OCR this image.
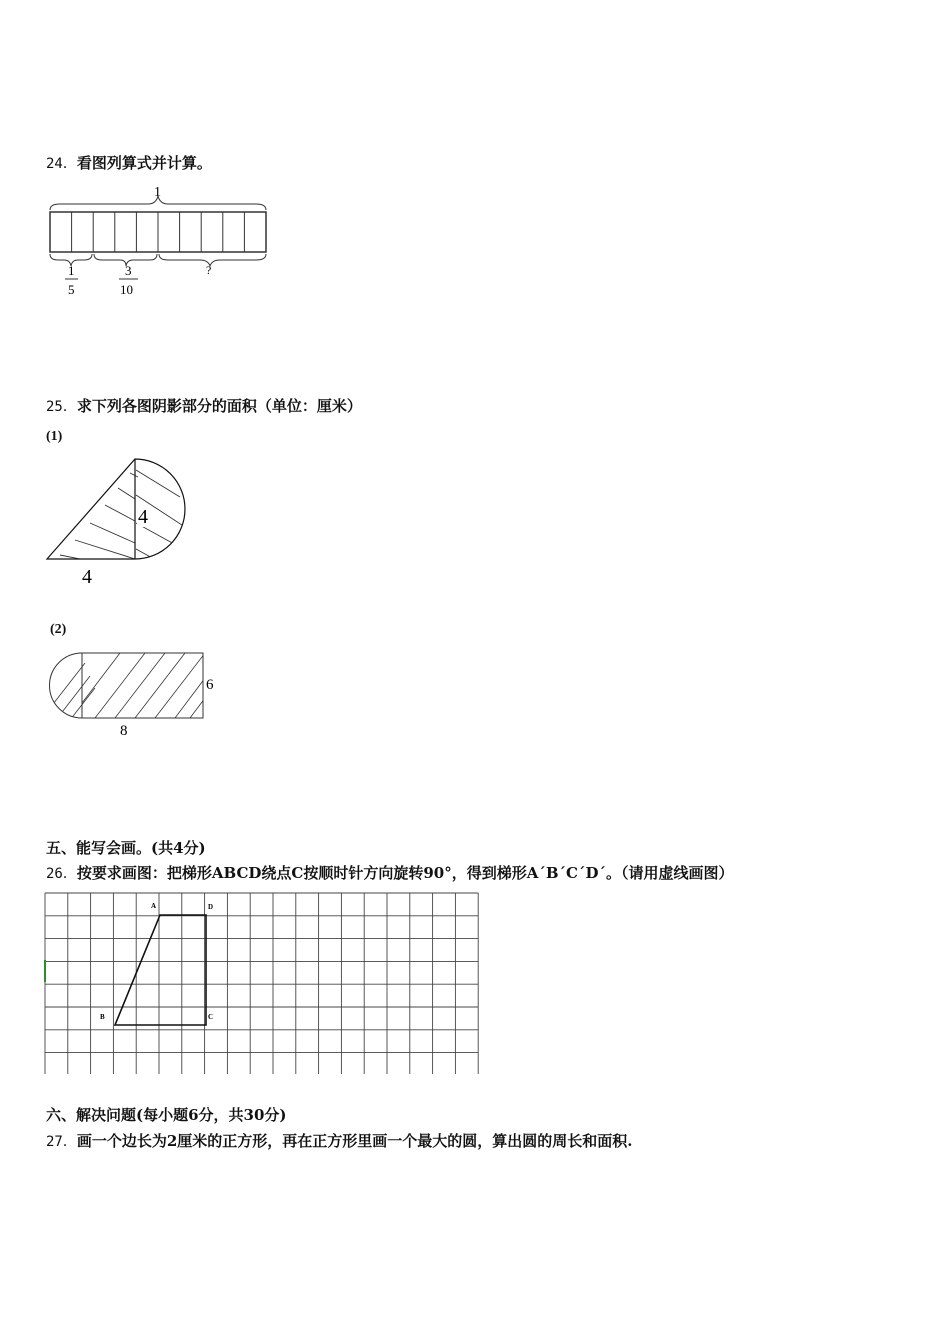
24．看图列算式并计算。
1
1
5
3
10
?
25．求下列各图阴影部分的面积（单位：厘米）
(1)
4
4
(2)
6
8
五、能写会画。(共4分)
26．按要求画图：把梯形ABCD绕点C按顺时针方向旋转90°，得到梯形A´B´C´D´。（请用虚线画图）
A	D
B	C
六、解决问题(每小题6分，共30分)
27．画一个边长为2厘米的正方形，再在正方形里画一个最大的圆，算出圆的周长和面积.
